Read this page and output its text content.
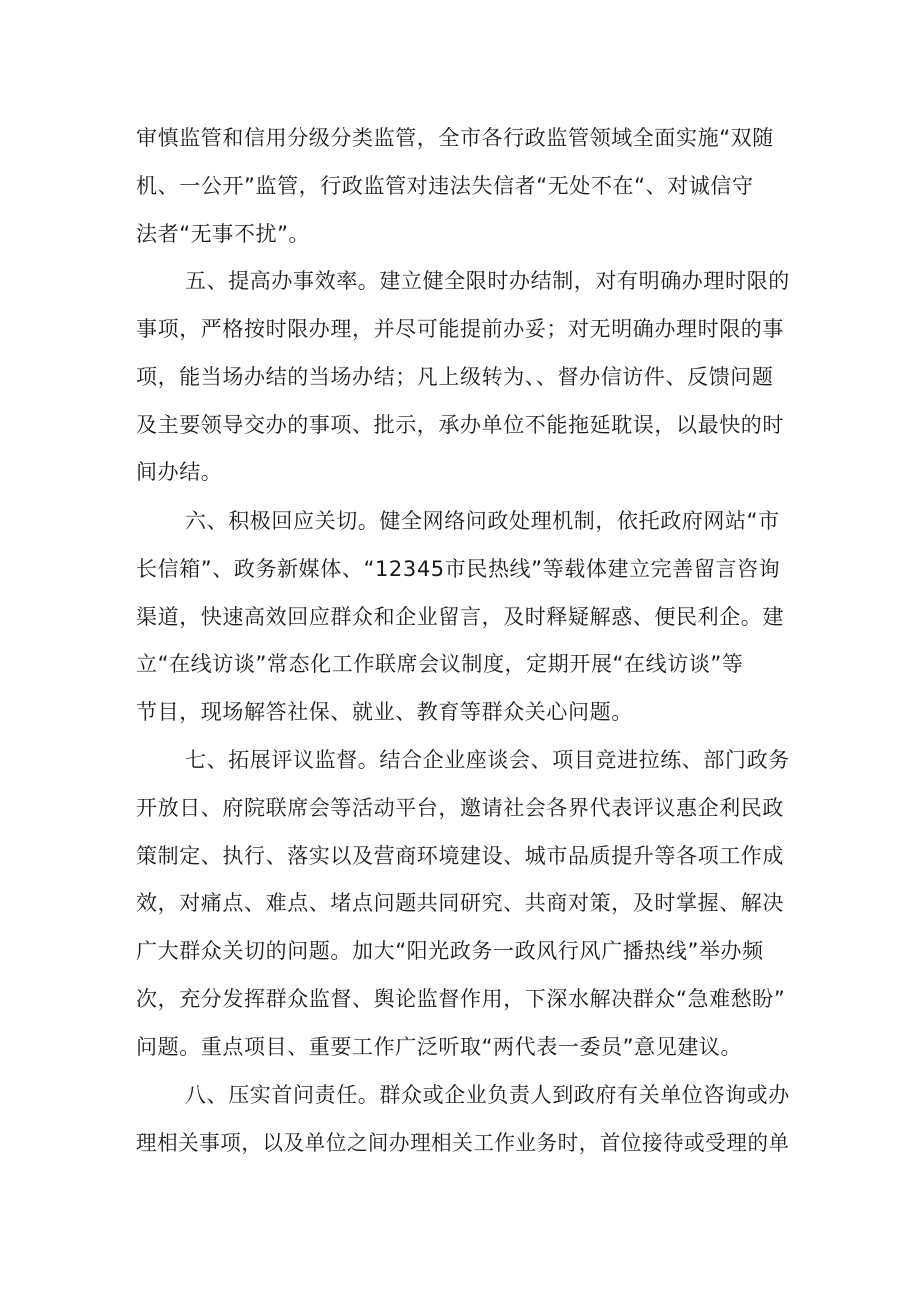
审慎监管和信用分级分类监管，全市各行政监管领域全面实施“双随
机、一公开”监管，行政监管对违法失信者“无处不在“、对诚信守
法者“无事不扰”。
五、提高办事效率。建立健全限时办结制，对有明确办理时限的
事项，严格按时限办理，并尽可能提前办妥；对无明确办理时限的事
项，能当场办结的当场办结；凡上级转为、、督办信访件、反馈问题
及主要领导交办的事项、批示，承办单位不能拖延耽误，以最快的时
间办结。
六、积极回应关切。健全网络问政处理机制，依托政府网站“市
长信箱”、政务新媒体、“12345市民热线”等载体建立完善留言咨询
渠道，快速高效回应群众和企业留言，及时释疑解惑、便民利企。建
立“在线访谈”常态化工作联席会议制度，定期开展“在线访谈”等
节目，现场解答社保、就业、教育等群众关心问题。
七、拓展评议监督。结合企业座谈会、项目竞进拉练、部门政务
开放日、府院联席会等活动平台，邀请社会各界代表评议惠企利民政
策制定、执行、落实以及营商环境建设、城市品质提升等各项工作成
效，对痛点、难点、堵点问题共同研究、共商对策，及时掌握、解决
广大群众关切的问题。加大“阳光政务一政风行风广播热线”举办频
次，充分发挥群众监督、舆论监督作用，下深水解决群众“急难愁盼”
问题。重点项目、重要工作广泛听取“两代表一委员”意见建议。
八、压实首问责任。群众或企业负责人到政府有关单位咨询或办
理相关事项，以及单位之间办理相关工作业务时，首位接待或受理的单
